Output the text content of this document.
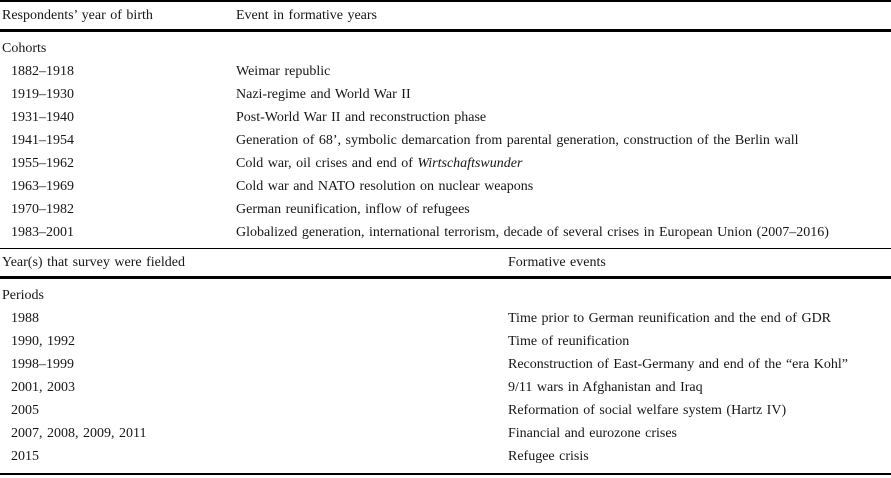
Respondents’ year of birth	Event in formative years
Cohorts
1882–1918	Weimar republic
1919–1930	Nazi-regime and World War II
1931–1940	Post-World War II and reconstruction phase
1941–1954	Generation of 68’, symbolic demarcation from parental generation, construction of the Berlin wall
1955–1962	Cold war, oil crises and end of Wirtschaftswunder
1963–1969	Cold war and NATO resolution on nuclear weapons
1970–1982	German reunification, inflow of refugees
1983–2001	Globalized generation, international terrorism, decade of several crises in European Union (2007–2016)
Year(s) that survey were fielded	Formative events
Periods
1988	Time prior to German reunification and the end of GDR
1990, 1992	Time of reunification
1998–1999	Reconstruction of East-Germany and end of the “era Kohl”
2001, 2003	9/11 wars in Afghanistan and Iraq
2005	Reformation of social welfare system (Hartz IV)
2007, 2008, 2009, 2011	Financial and eurozone crises
2015	Refugee crisis
